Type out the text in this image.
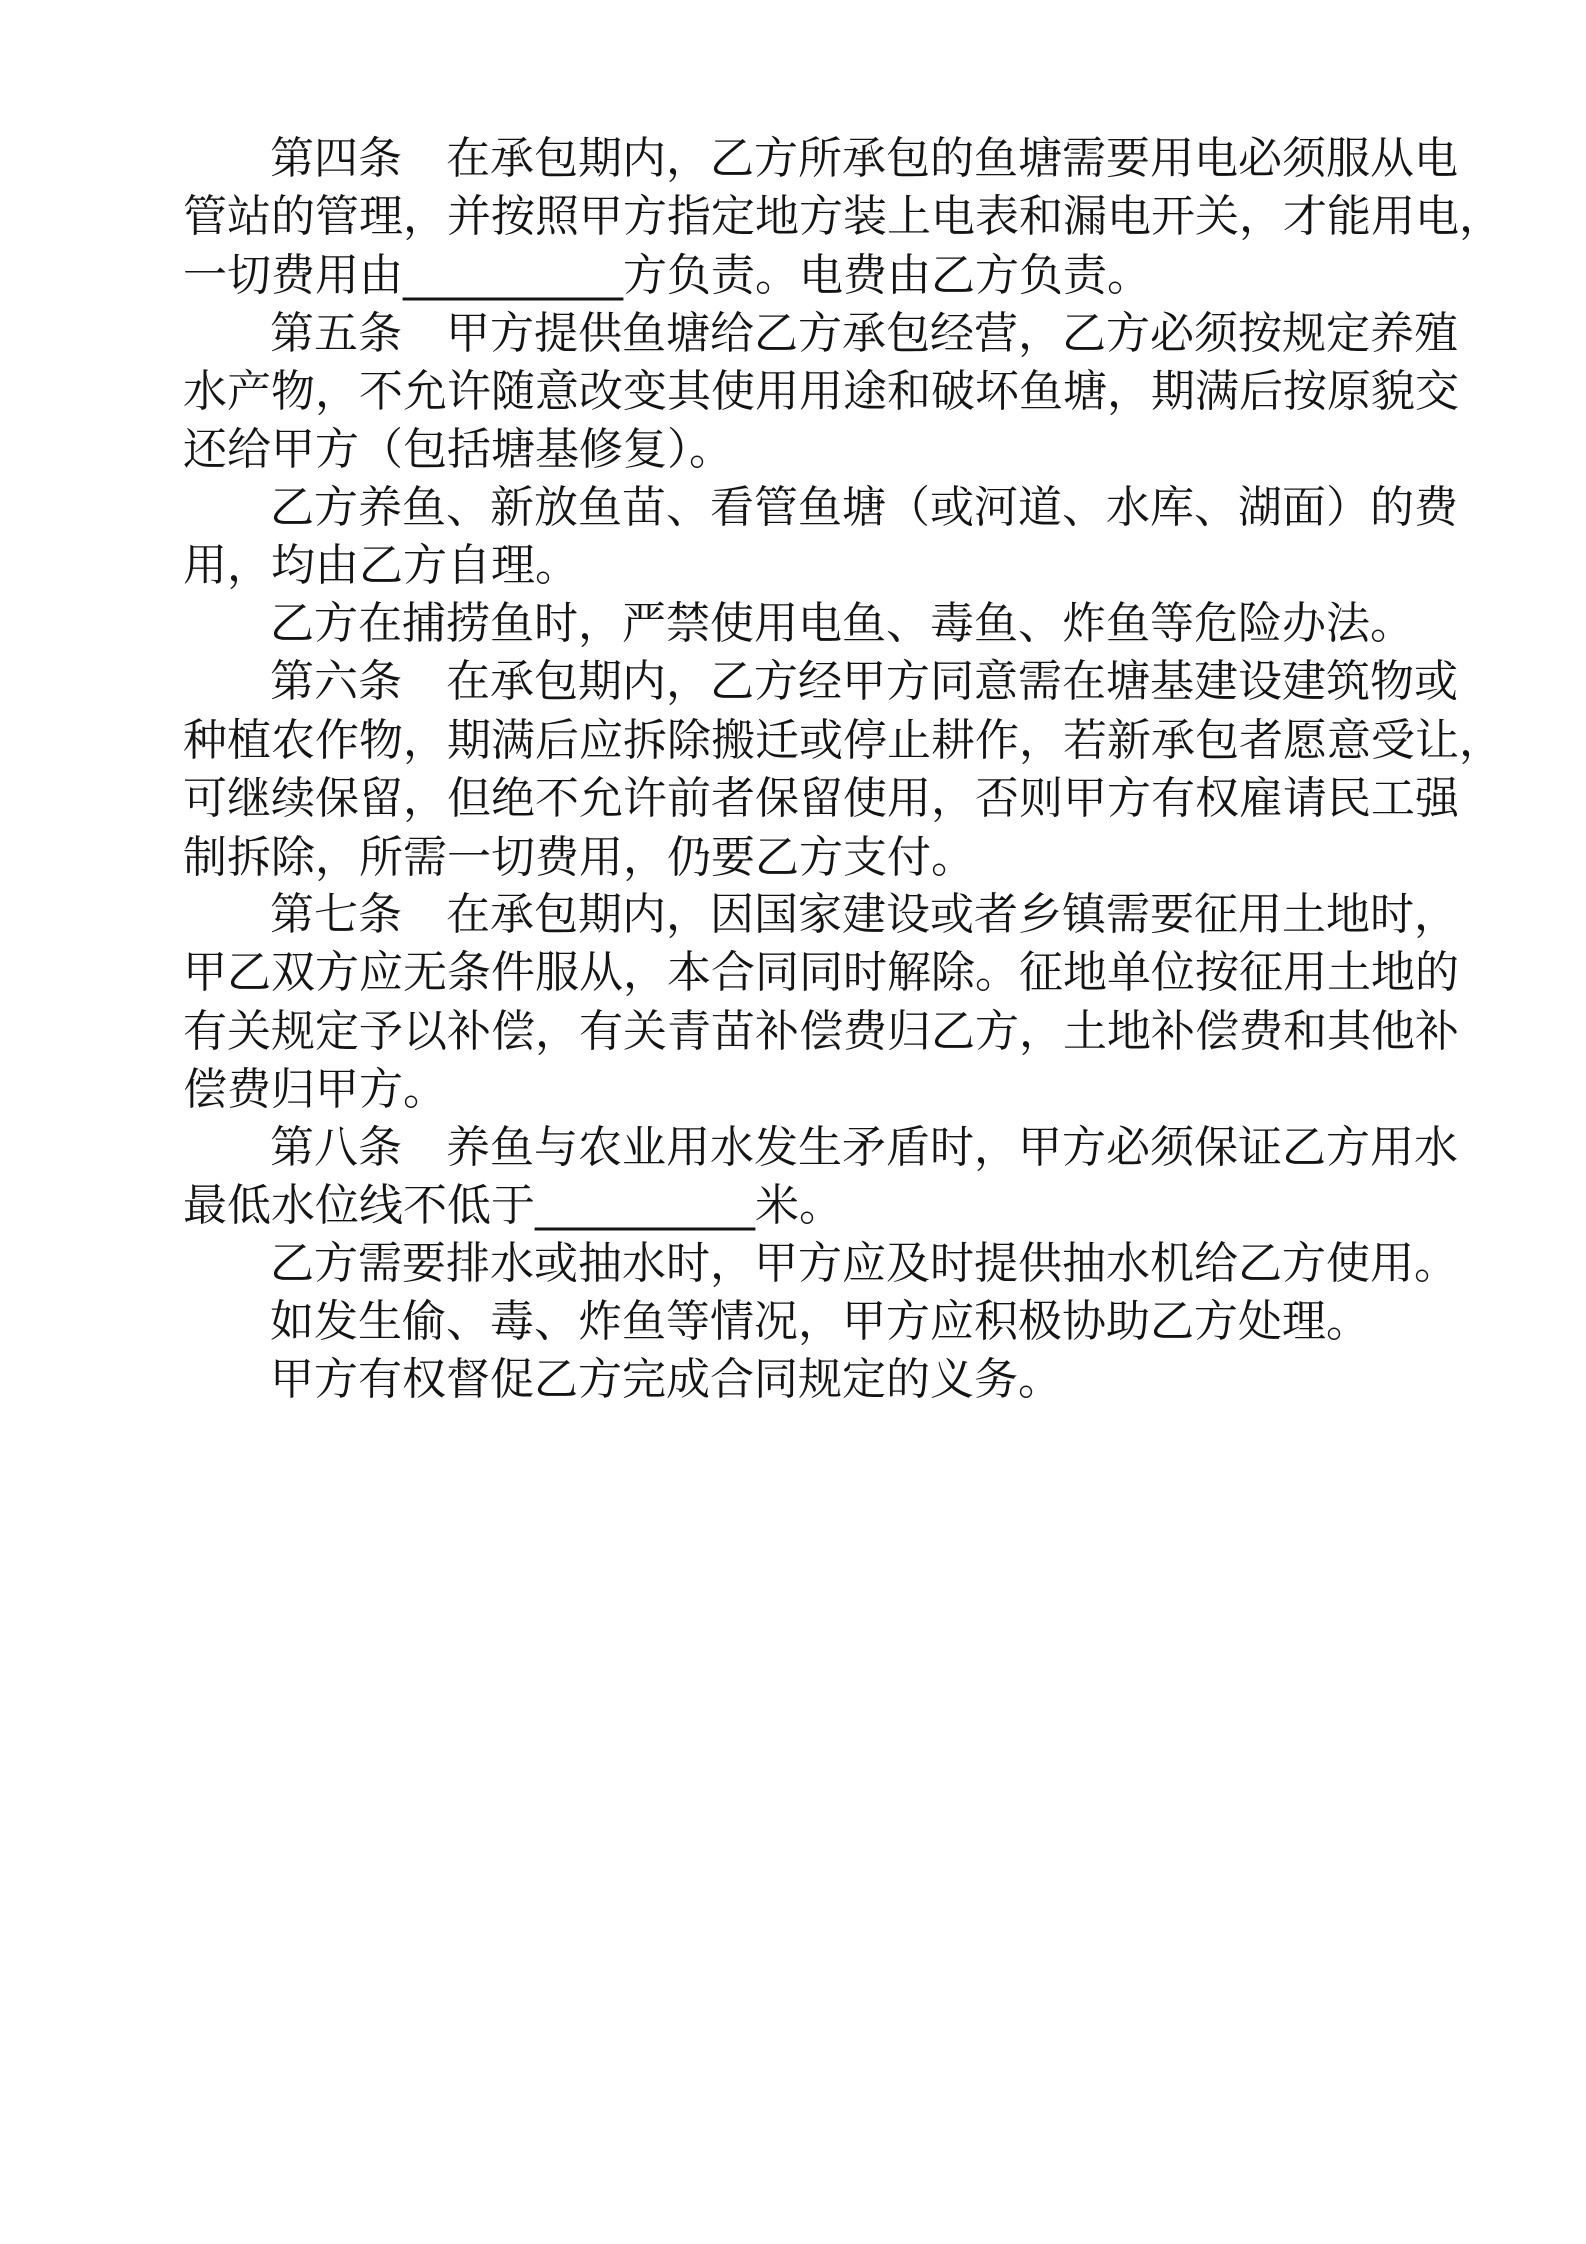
第四条 在承包期内，乙方所承包的鱼塘需要用电必须服从电
管站的管理，并按照甲方指定地方装上电表和漏电开关，才能用电，
一切费用由__________方负责。电费由乙方负责。
第五条 甲方提供鱼塘给乙方承包经营，乙方必须按规定养殖
水产物，不允许随意改变其使用用途和破坏鱼塘，期满后按原貌交
还给甲方（包括塘基修复）。
乙方养鱼、新放鱼苗、看管鱼塘（或河道、水库、湖面）的费
用，均由乙方自理。
乙方在捕捞鱼时，严禁使用电鱼、毒鱼、炸鱼等危险办法。
第六条 在承包期内，乙方经甲方同意需在塘基建设建筑物或
种植农作物，期满后应拆除搬迁或停止耕作，若新承包者愿意受让，
可继续保留，但绝不允许前者保留使用，否则甲方有权雇请民工强
制拆除，所需一切费用，仍要乙方支付。
第七条 在承包期内，因国家建设或者乡镇需要征用土地时，
甲乙双方应无条件服从，本合同同时解除。征地单位按征用土地的
有关规定予以补偿，有关青苗补偿费归乙方，土地补偿费和其他补
偿费归甲方。
第八条 养鱼与农业用水发生矛盾时，甲方必须保证乙方用水
最低水位线不低于__________米。
乙方需要排水或抽水时，甲方应及时提供抽水机给乙方使用。
如发生偷、毒、炸鱼等情况，甲方应积极协助乙方处理。
甲方有权督促乙方完成合同规定的义务。
